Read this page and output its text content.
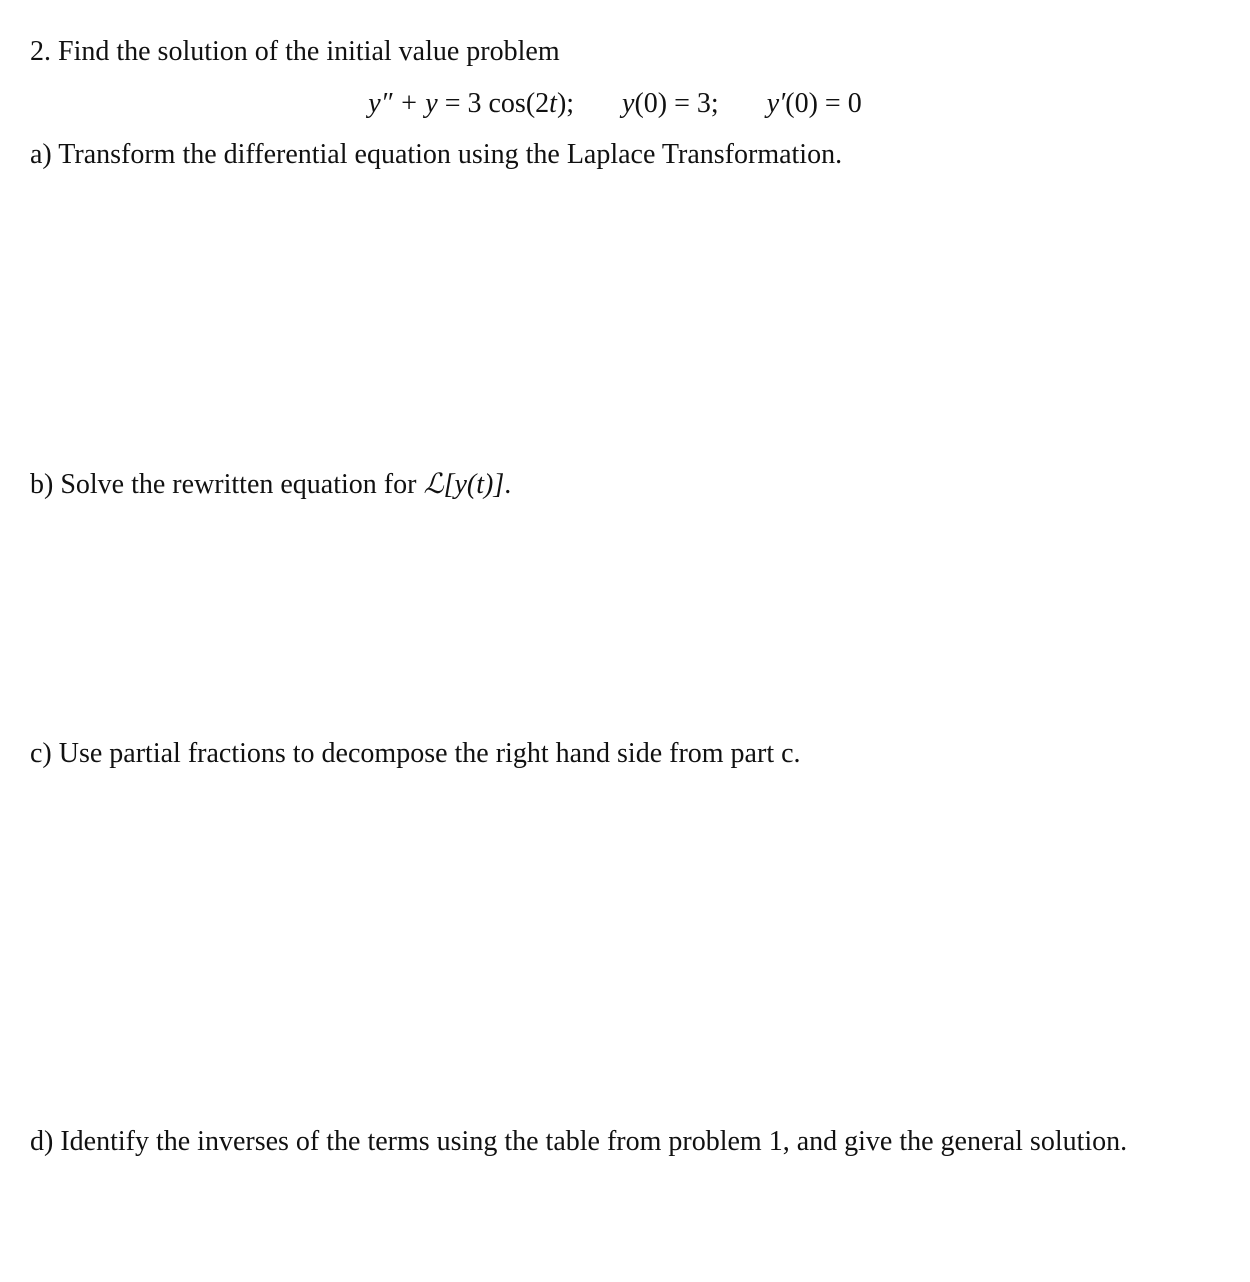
2. Find the solution of the initial value problem
y″ + y = 3 cos(2t); y(0) = 3; y′(0) = 0
a) Transform the differential equation using the Laplace Transformation.
b) Solve the rewritten equation for ℒ[y(t)].
c) Use partial fractions to decompose the right hand side from part c.
d) Identify the inverses of the terms using the table from problem 1, and give the general solution.
